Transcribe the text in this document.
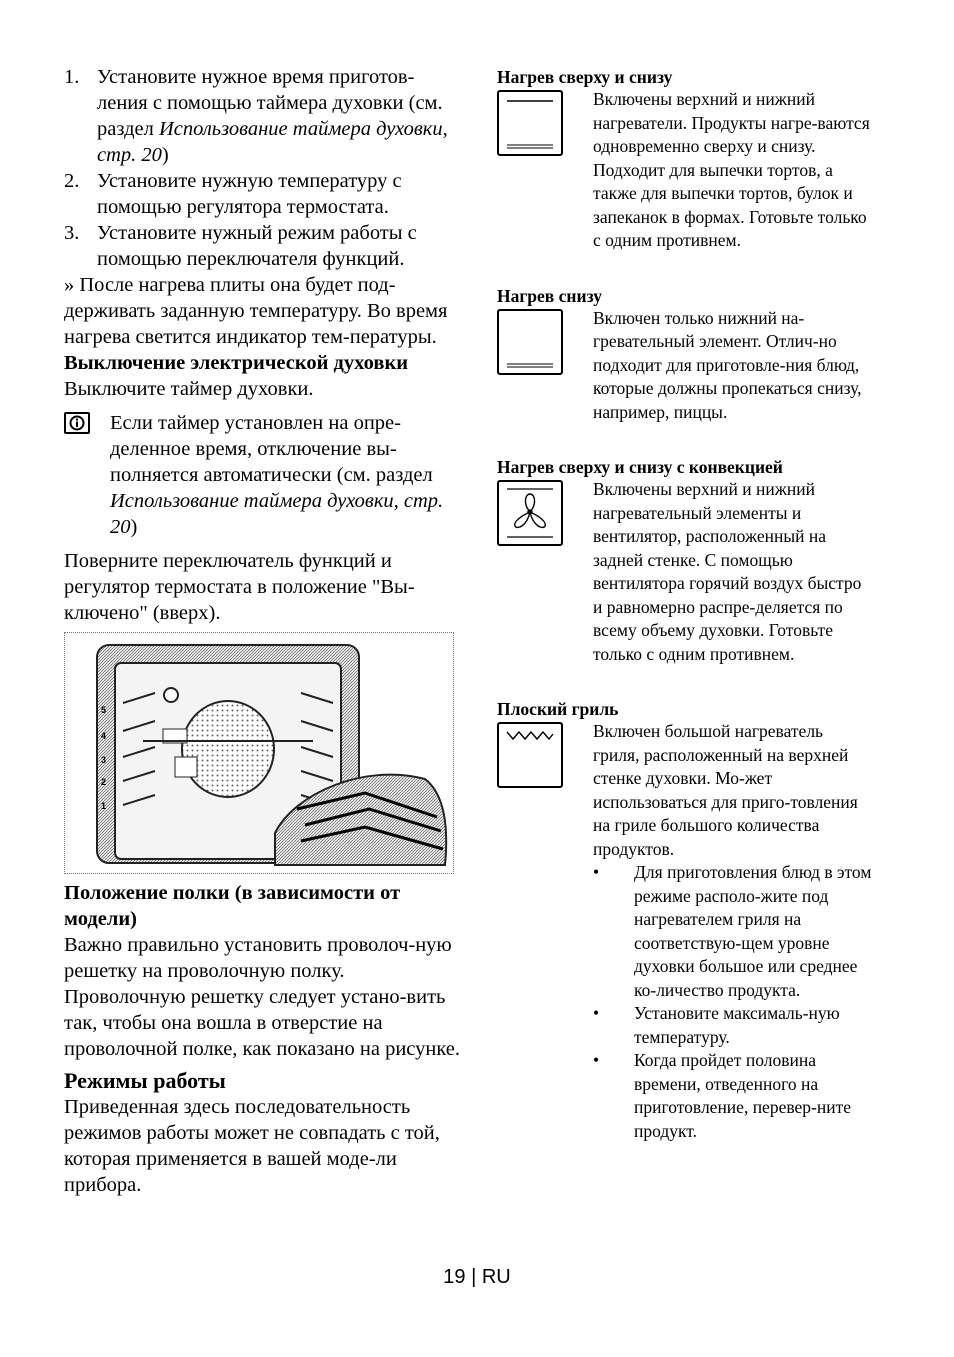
1. Установите нужное время приготов-ления с помощью таймера духовки (см. раздел Использование таймера духовки, стр. 20)
2. Установите нужную температуру с помощью регулятора термостата.
3. Установите нужный режим работы с помощью переключателя функций.

» После нагрева плиты она будет под-держивать заданную температуру. Во время нагрева светится индикатор тем-пературы.

Выключение электрической духовки

Выключите таймер духовки.

Если таймер установлен на опре-деленное время, отключение вы-полняется автоматически (см. раздел Использование таймера духовки, стр. 20)

Поверните переключатель функций и регулятор термостата в положение "Вы-ключено" (вверх).

5
4
3
2
1

Положение полки (в зависимости от модели)

Важно правильно установить проволоч-ную решетку на проволочную полку. Проволочную решетку следует устано-вить так, чтобы она вошла в отверстие на проволочной полке, как показано на рисунке.

Режимы работы

Приведенная здесь последовательность режимов работы может не совпадать с той, которая применяется в вашей моде-ли прибора.

Нагрев сверху и снизу
Включены верхний и нижний нагреватели. Продукты нагре-ваются одновременно сверху и снизу. Подходит для выпечки тортов, а также для выпечки тортов, булок и запеканок в формах. Готовьте только с одним противнем.
Нагрев снизу
Включен только нижний на-гревательный элемент. Отлич-но подходит для приготовле-ния блюд, которые должны пропекаться снизу, например, пиццы.
Нагрев сверху и снизу с конвекцией
Включены верхний и нижний нагревательный элементы и вентилятор, расположенный на задней стенке. С помощью вентилятора горячий воздух быстро и равномерно распре-деляется по всему объему духовки. Готовьте только с одним противнем.
Плоский гриль
Включен большой нагреватель гриля, расположенный на верхней стенке духовки. Мо-жет использоваться для приго-товления на гриле большого количества продуктов.
•	Для приготовления блюд в этом режиме располо-жите под нагревателем гриля на соответствую-щем уровне духовки большое или среднее ко-личество продукта.
•	Установите максималь-ную температуру.
•	Когда пройдет половина времени, отведенного на приготовление, перевер-ните продукт.
19 | RU
